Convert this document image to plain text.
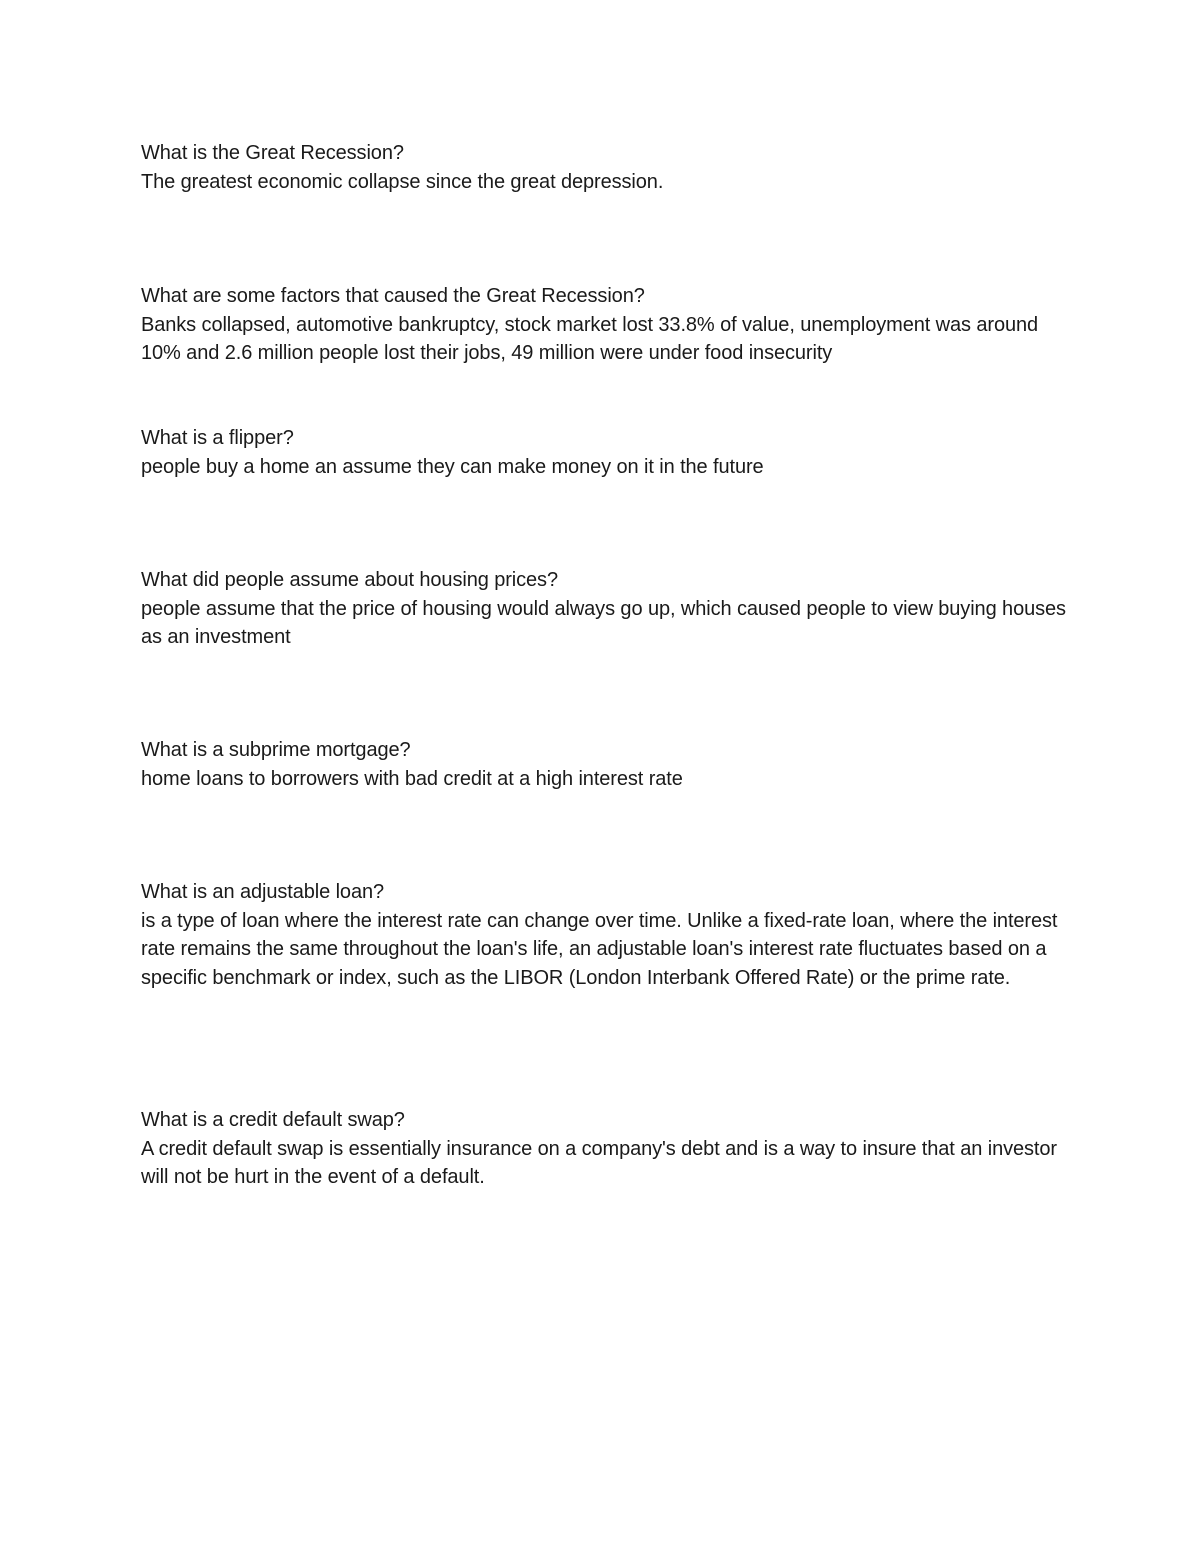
What is the Great Recession?

The greatest economic collapse since the great depression.

What are some factors that caused the Great Recession?

Banks collapsed, automotive bankruptcy, stock market lost 33.8% of value, unemployment was around 10% and 2.6 million people lost their jobs, 49 million were under food insecurity

What is a flipper?

people buy a home an assume they can make money on it in the future

What did people assume about housing prices?

people assume that the price of housing would always go up, which caused people to view buying houses as an investment

What is a subprime mortgage?

home loans to borrowers with bad credit at a high interest rate

What is an adjustable loan?

is a type of loan where the interest rate can change over time. Unlike a fixed-rate loan, where the interest rate remains the same throughout the loan's life, an adjustable loan's interest rate fluctuates based on a specific benchmark or index, such as the LIBOR (London Interbank Offered Rate) or the prime rate.

What is a credit default swap?

A credit default swap is essentially insurance on a company's debt and is a way to insure that an investor will not be hurt in the event of a default.
